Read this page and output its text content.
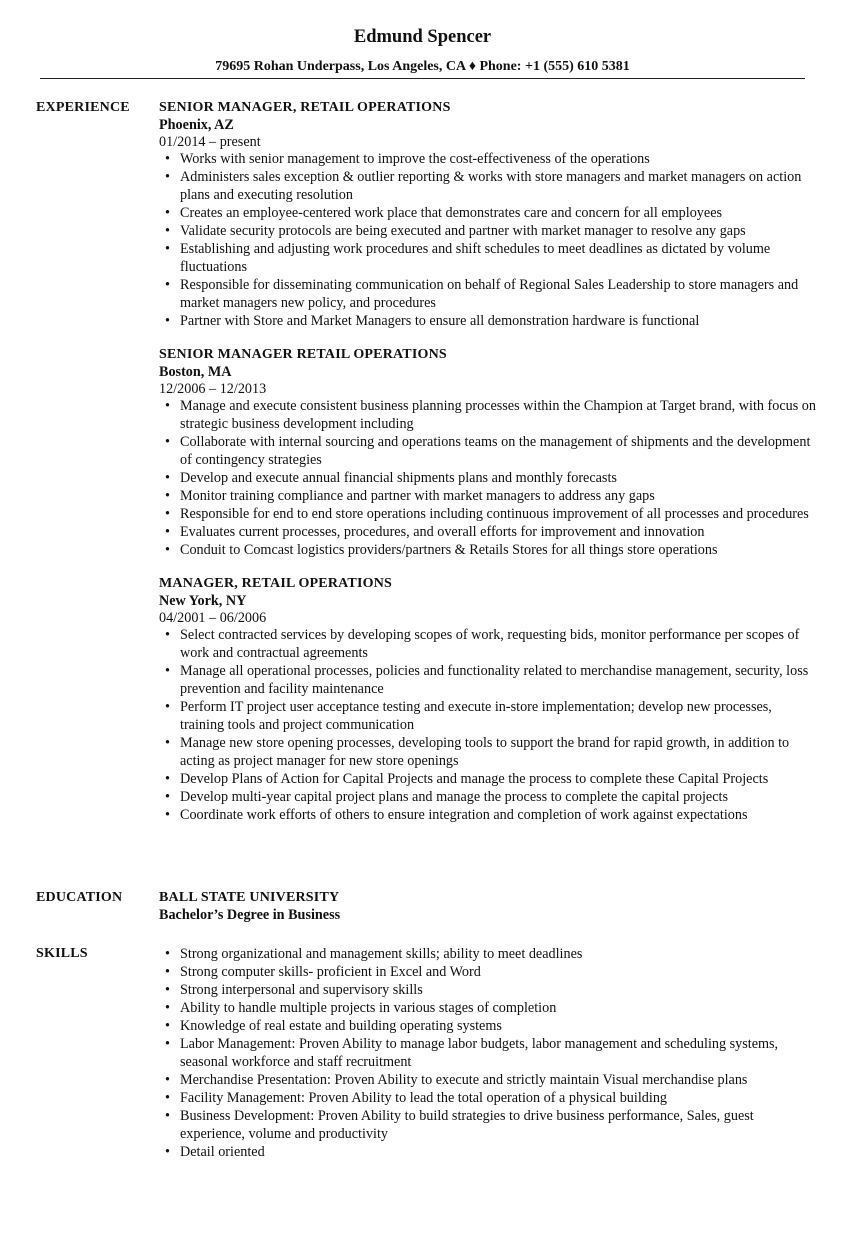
Edmund Spencer
79695 Rohan Underpass, Los Angeles, CA ♦ Phone: +1 (555) 610 5381
EXPERIENCE SENIOR MANAGER, RETAIL OPERATIONS
Phoenix, AZ
01/2014 – present
• Works with senior management to improve the cost-effectiveness of the operations
• Administers sales exception & outlier reporting & works with store managers and market managers on action plans and executing resolution
• Creates an employee-centered work place that demonstrates care and concern for all employees
• Validate security protocols are being executed and partner with market manager to resolve any gaps
• Establishing and adjusting work procedures and shift schedules to meet deadlines as dictated by volume fluctuations
• Responsible for disseminating communication on behalf of Regional Sales Leadership to store managers and market managers new policy, and procedures
• Partner with Store and Market Managers to ensure all demonstration hardware is functional
SENIOR MANAGER RETAIL OPERATIONS
Boston, MA
12/2006 – 12/2013
• Manage and execute consistent business planning processes within the Champion at Target brand, with focus on strategic business development including
• Collaborate with internal sourcing and operations teams on the management of shipments and the development of contingency strategies
• Develop and execute annual financial shipments plans and monthly forecasts
• Monitor training compliance and partner with market managers to address any gaps
• Responsible for end to end store operations including continuous improvement of all processes and procedures
• Evaluates current processes, procedures, and overall efforts for improvement and innovation
• Conduit to Comcast logistics providers/partners & Retails Stores for all things store operations
MANAGER, RETAIL OPERATIONS
New York, NY
04/2001 – 06/2006
• Select contracted services by developing scopes of work, requesting bids, monitor performance per scopes of work and contractual agreements
• Manage all operational processes, policies and functionality related to merchandise management, security, loss prevention and facility maintenance
• Perform IT project user acceptance testing and execute in-store implementation; develop new processes, training tools and project communication
• Manage new store opening processes, developing tools to support the brand for rapid growth, in addition to acting as project manager for new store openings
• Develop Plans of Action for Capital Projects and manage the process to complete these Capital Projects
• Develop multi-year capital project plans and manage the process to complete the capital projects
• Coordinate work efforts of others to ensure integration and completion of work against expectations
EDUCATION	BALL STATE UNIVERSITY
Bachelor’s Degree in Business
SKILLS	• Strong organizational and management skills; ability to meet deadlines
• Strong computer skills- proficient in Excel and Word
• Strong interpersonal and supervisory skills
• Ability to handle multiple projects in various stages of completion
• Knowledge of real estate and building operating systems
• Labor Management: Proven Ability to manage labor budgets, labor management and scheduling systems, seasonal workforce and staff recruitment
• Merchandise Presentation: Proven Ability to execute and strictly maintain Visual merchandise plans
• Facility Management: Proven Ability to lead the total operation of a physical building
• Business Development: Proven Ability to build strategies to drive business performance, Sales, guest experience, volume and productivity
• Detail oriented
